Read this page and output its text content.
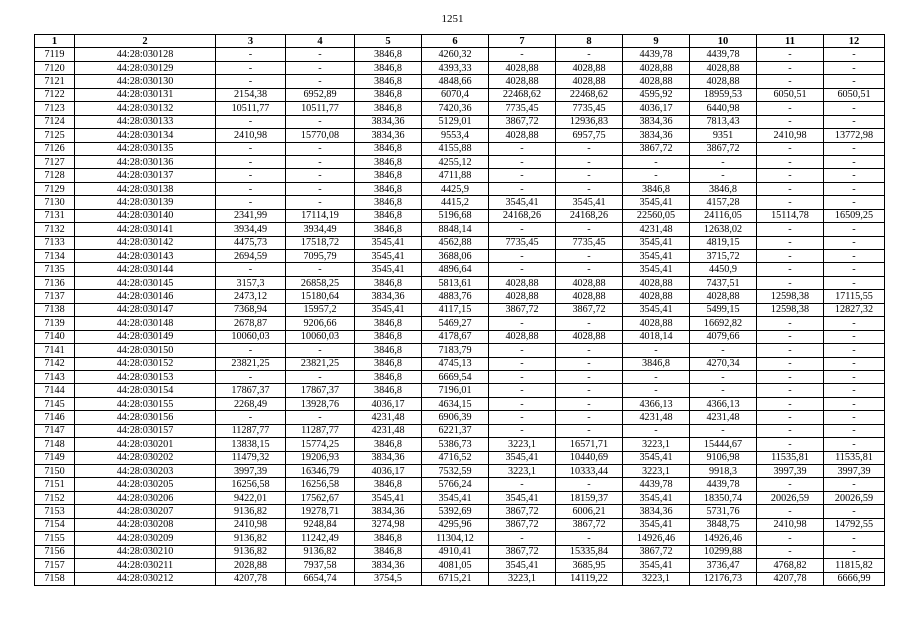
1251
1	2	3	4	5	6	7	8	9	10	11	12
7119	44:28:030128	-	-	3846,8	4260,32	-	-	4439,78	4439,78	-	-
7120	44:28:030129	-	-	3846,8	4393,33	4028,88	4028,88	4028,88	4028,88	-	-
7121	44:28:030130	-	-	3846,8	4848,66	4028,88	4028,88	4028,88	4028,88	-	-
7122	44:28:030131	2154,38	6952,89	3846,8	6070,4	22468,62	22468,62	4595,92	18959,53	6050,51	6050,51
7123	44:28:030132	10511,77	10511,77	3846,8	7420,36	7735,45	7735,45	4036,17	6440,98	-	-
7124	44:28:030133	-	-	3834,36	5129,01	3867,72	12936,83	3834,36	7813,43	-	-
7125	44:28:030134	2410,98	15770,08	3834,36	9553,4	4028,88	6957,75	3834,36	9351	2410,98	13772,98
7126	44:28:030135	-	-	3846,8	4155,88	-	-	3867,72	3867,72	-	-
7127	44:28:030136	-	-	3846,8	4255,12	-	-	-	-	-	-
7128	44:28:030137	-	-	3846,8	4711,88	-	-	-	-	-	-
7129	44:28:030138	-	-	3846,8	4425,9	-	-	3846,8	3846,8	-	-
7130	44:28:030139	-	-	3846,8	4415,2	3545,41	3545,41	3545,41	4157,28	-	-
7131	44:28:030140	2341,99	17114,19	3846,8	5196,68	24168,26	24168,26	22560,05	24116,05	15114,78	16509,25
7132	44:28:030141	3934,49	3934,49	3846,8	8848,14	-	-	4231,48	12638,02	-	-
7133	44:28:030142	4475,73	17518,72	3545,41	4562,88	7735,45	7735,45	3545,41	4819,15	-	-
7134	44:28:030143	2694,59	7095,79	3545,41	3688,06	-	-	3545,41	3715,72	-	-
7135	44:28:030144	-	-	3545,41	4896,64	-	-	3545,41	4450,9	-	-
7136	44:28:030145	3157,3	26858,25	3846,8	5813,61	4028,88	4028,88	4028,88	7437,51	-	-
7137	44:28:030146	2473,12	15180,64	3834,36	4883,76	4028,88	4028,88	4028,88	4028,88	12598,38	17115,55
7138	44:28:030147	7368,94	15957,2	3545,41	4117,15	3867,72	3867,72	3545,41	5499,15	12598,38	12827,32
7139	44:28:030148	2678,87	9206,66	3846,8	5469,27	-	-	4028,88	16692,82	-	-
7140	44:28:030149	10060,03	10060,03	3846,8	4178,67	4028,88	4028,88	4018,14	4079,66	-	-
7141	44:28:030150	-	-	3846,8	7183,79	-	-	-	-	-	-
7142	44:28:030152	23821,25	23821,25	3846,8	4745,13	-	-	3846,8	4270,34	-	-
7143	44:28:030153	-	-	3846,8	6669,54	-	-	-	-	-	-
7144	44:28:030154	17867,37	17867,37	3846,8	7196,01	-	-	-	-	-	-
7145	44:28:030155	2268,49	13928,76	4036,17	4634,15	-	-	4366,13	4366,13	-	-
7146	44:28:030156	-	-	4231,48	6906,39	-	-	4231,48	4231,48	-	-
7147	44:28:030157	11287,77	11287,77	4231,48	6221,37	-	-	-	-	-	-
7148	44:28:030201	13838,15	15774,25	3846,8	5386,73	3223,1	16571,71	3223,1	15444,67	-	-
7149	44:28:030202	11479,32	19206,93	3834,36	4716,52	3545,41	10440,69	3545,41	9106,98	11535,81	11535,81
7150	44:28:030203	3997,39	16346,79	4036,17	7532,59	3223,1	10333,44	3223,1	9918,3	3997,39	3997,39
7151	44:28:030205	16256,58	16256,58	3846,8	5766,24	-	-	4439,78	4439,78	-	-
7152	44:28:030206	9422,01	17562,67	3545,41	3545,41	3545,41	18159,37	3545,41	18350,74	20026,59	20026,59
7153	44:28:030207	9136,82	19278,71	3834,36	5392,69	3867,72	6006,21	3834,36	5731,76	-	-
7154	44:28:030208	2410,98	9248,84	3274,98	4295,96	3867,72	3867,72	3545,41	3848,75	2410,98	14792,55
7155	44:28:030209	9136,82	11242,49	3846,8	11304,12	-	-	14926,46	14926,46	-	-
7156	44:28:030210	9136,82	9136,82	3846,8	4910,41	3867,72	15335,84	3867,72	10299,88	-	-
7157	44:28:030211	2028,88	7937,58	3834,36	4081,05	3545,41	3685,95	3545,41	3736,47	4768,82	11815,82
7158	44:28:030212	4207,78	6654,74	3754,5	6715,21	3223,1	14119,22	3223,1	12176,73	4207,78	6666,99
